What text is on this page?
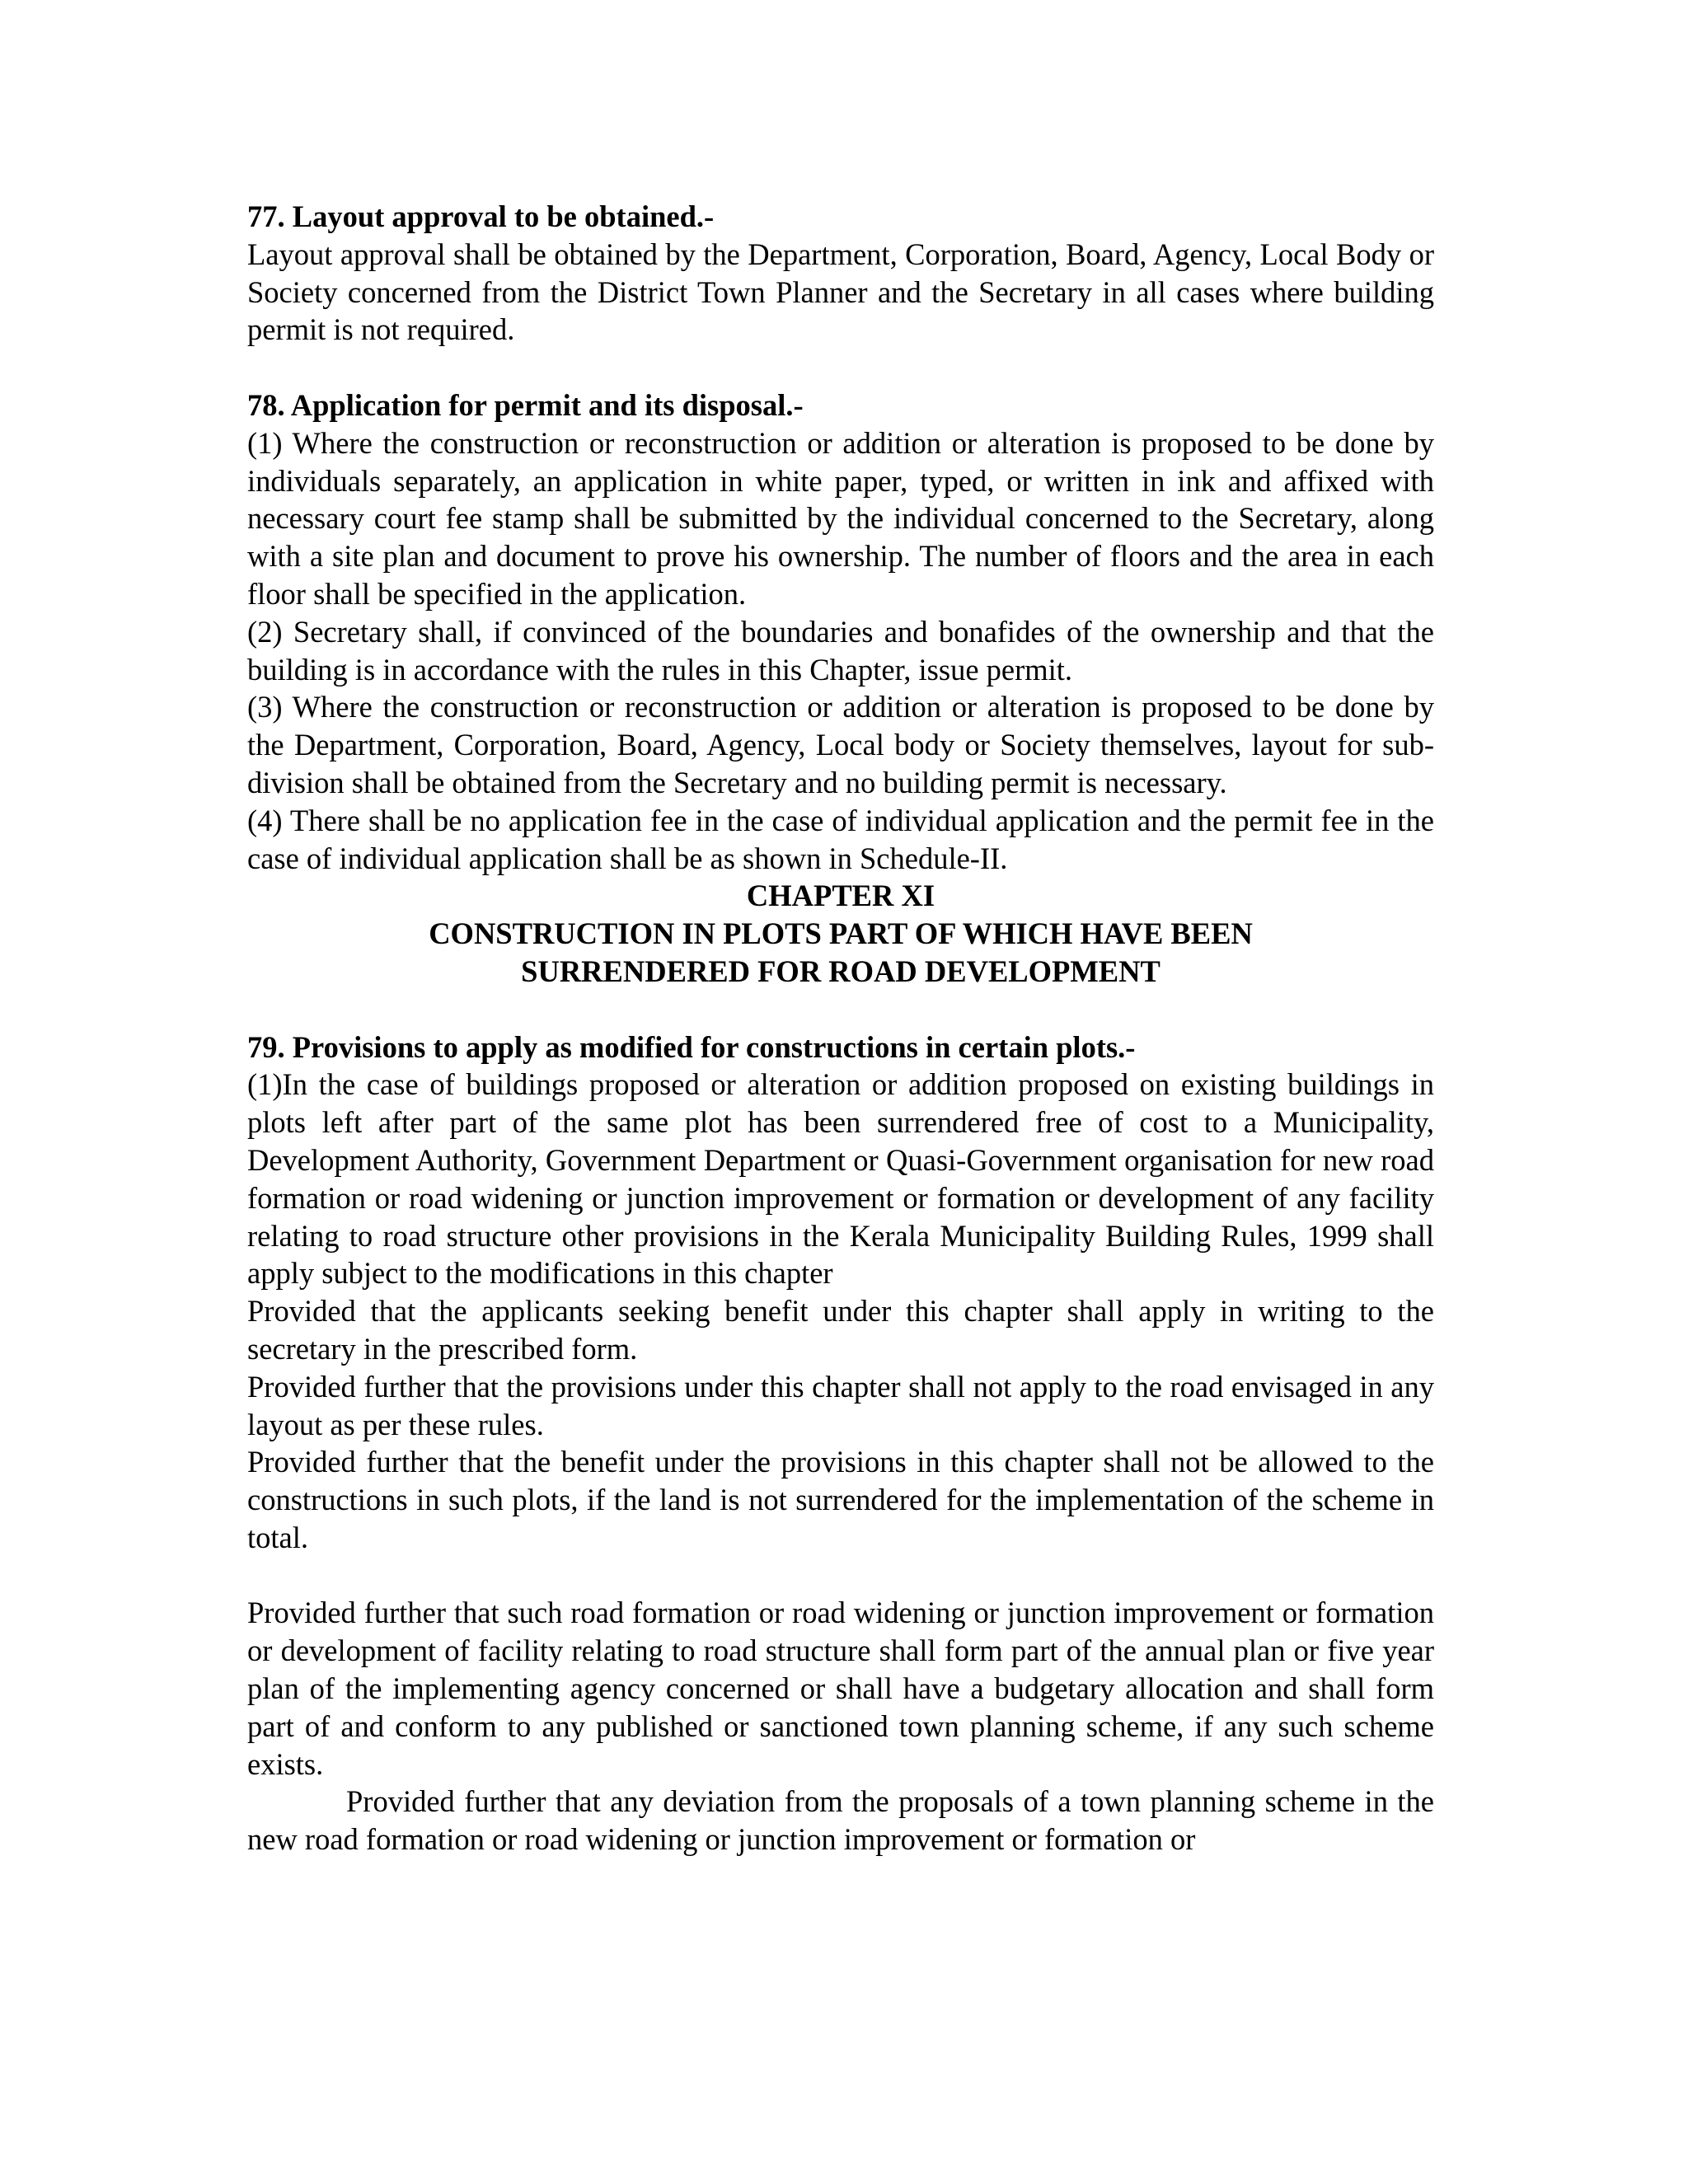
77. Layout approval to be obtained.-

Layout approval shall be obtained by the Department, Corporation, Board, Agency, Local Body or Society concerned from the District Town Planner and the Secretary in all cases where building permit is not required.

78. Application for permit and its disposal.-

(1) Where the construction or reconstruction or addition or alteration is proposed to be done by individuals separately, an application in white paper, typed, or written in ink and affixed with necessary court fee stamp shall be submitted by the individual concerned to the Secretary, along with a site plan and document to prove his ownership. The number of floors and the area in each floor shall be specified in the application.

(2) Secretary shall, if convinced of the boundaries and bonafides of the ownership and that the building is in accordance with the rules in this Chapter, issue permit.

(3) Where the construction or reconstruction or addition or alteration is proposed to be done by the Department, Corporation, Board, Agency, Local body or Society themselves, layout for sub-division shall be obtained from the Secretary and no building permit is necessary.

(4) There shall be no application fee in the case of individual application and the permit fee in the case of individual application shall be as shown in Schedule-II.

CHAPTER XI

CONSTRUCTION IN PLOTS PART OF WHICH HAVE BEEN

SURRENDERED FOR ROAD DEVELOPMENT

79. Provisions to apply as modified for constructions in certain plots.-

(1)In the case of buildings proposed or alteration or addition proposed on existing buildings in plots left after part of the same plot has been surrendered free of cost to a Municipality, Development Authority, Government Department or Quasi-Government organisation for new road formation or road widening or junction improvement or formation or development of any facility relating to road structure other provisions in the Kerala Municipality Building Rules, 1999 shall apply subject to the modifications in this chapter

Provided that the applicants seeking benefit under this chapter shall apply in writing to the secretary in the prescribed form.

Provided further that the provisions under this chapter shall not apply to the road envisaged in any layout as per these rules.

Provided further that the benefit under the provisions in this chapter shall not be allowed to the constructions in such plots, if the land is not surrendered for the implementation of the scheme in total.

Provided further that such road formation or road widening or junction improvement or formation or development of facility relating to road structure shall form part of the annual plan or five year plan of the implementing agency concerned or shall have a budgetary allocation and shall form part of and conform to any published or sanctioned town planning scheme, if any such scheme exists.

Provided further that any deviation from the proposals of a town planning scheme in the new road formation or road widening or junction improvement or formation or
